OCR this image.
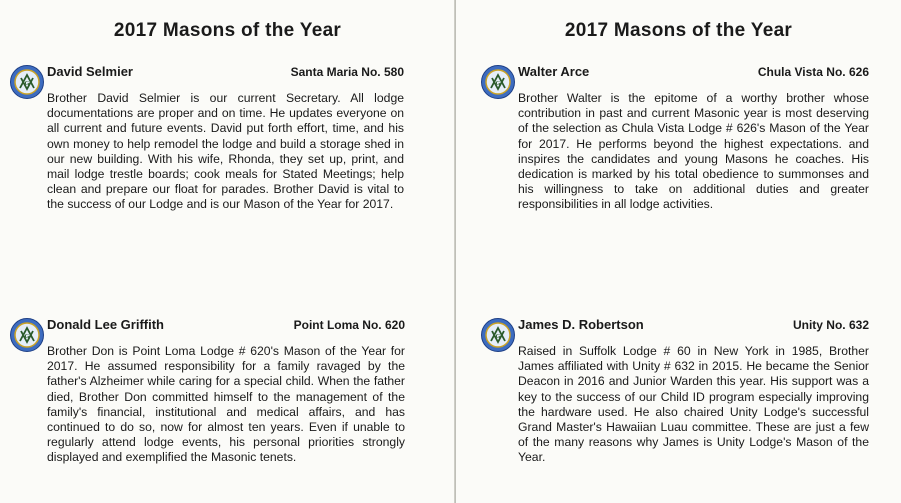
2017 Masons of the Year
G
David Selmier	Santa Maria No. 580
Brother David Selmier is our current Secretary. All lodge documentations are proper and on time. He updates everyone on all current and future events. David put forth effort, time, and his own money to help remodel the lodge and build a storage shed in our new building. With his wife, Rhonda, they set up, print, and mail lodge trestle boards; cook meals for Stated Meetings; help clean and prepare our float for parades. Brother David is vital to the success of our Lodge and is our Mason of the Year for 2017.
G
Donald Lee Griffith	Point Loma No. 620
Brother Don is Point Loma Lodge # 620's Mason of the Year for 2017. He assumed responsibility for a family ravaged by the father's Alzheimer while caring for a special child. When the father died, Brother Don committed himself to the management of the family's financial, institutional and medical affairs, and has continued to do so, now for almost ten years. Even if unable to regularly attend lodge events, his personal priorities strongly displayed and exemplified the Masonic tenets.
2017 Masons of the Year
G
Walter Arce	Chula Vista No. 626
Brother Walter is the epitome of a worthy brother whose contribution in past and current Masonic year is most deserving of the selection as Chula Vista Lodge # 626's Mason of the Year for 2017. He performs beyond the highest expectations. and inspires the candidates and young Masons he coaches. His dedication is marked by his total obedience to summonses and his willingness to take on additional duties and greater responsibilities in all lodge activities.
G
James D. Robertson	Unity No. 632
Raised in Suffolk Lodge # 60 in New York in 1985, Brother James affiliated with Unity # 632 in 2015. He became the Senior Deacon in 2016 and Junior Warden this year. His support was a key to the success of our Child ID program especially improving the hardware used. He also chaired Unity Lodge's successful Grand Master's Hawaiian Luau committee. These are just a few of the many reasons why James is Unity Lodge's Mason of the Year.
